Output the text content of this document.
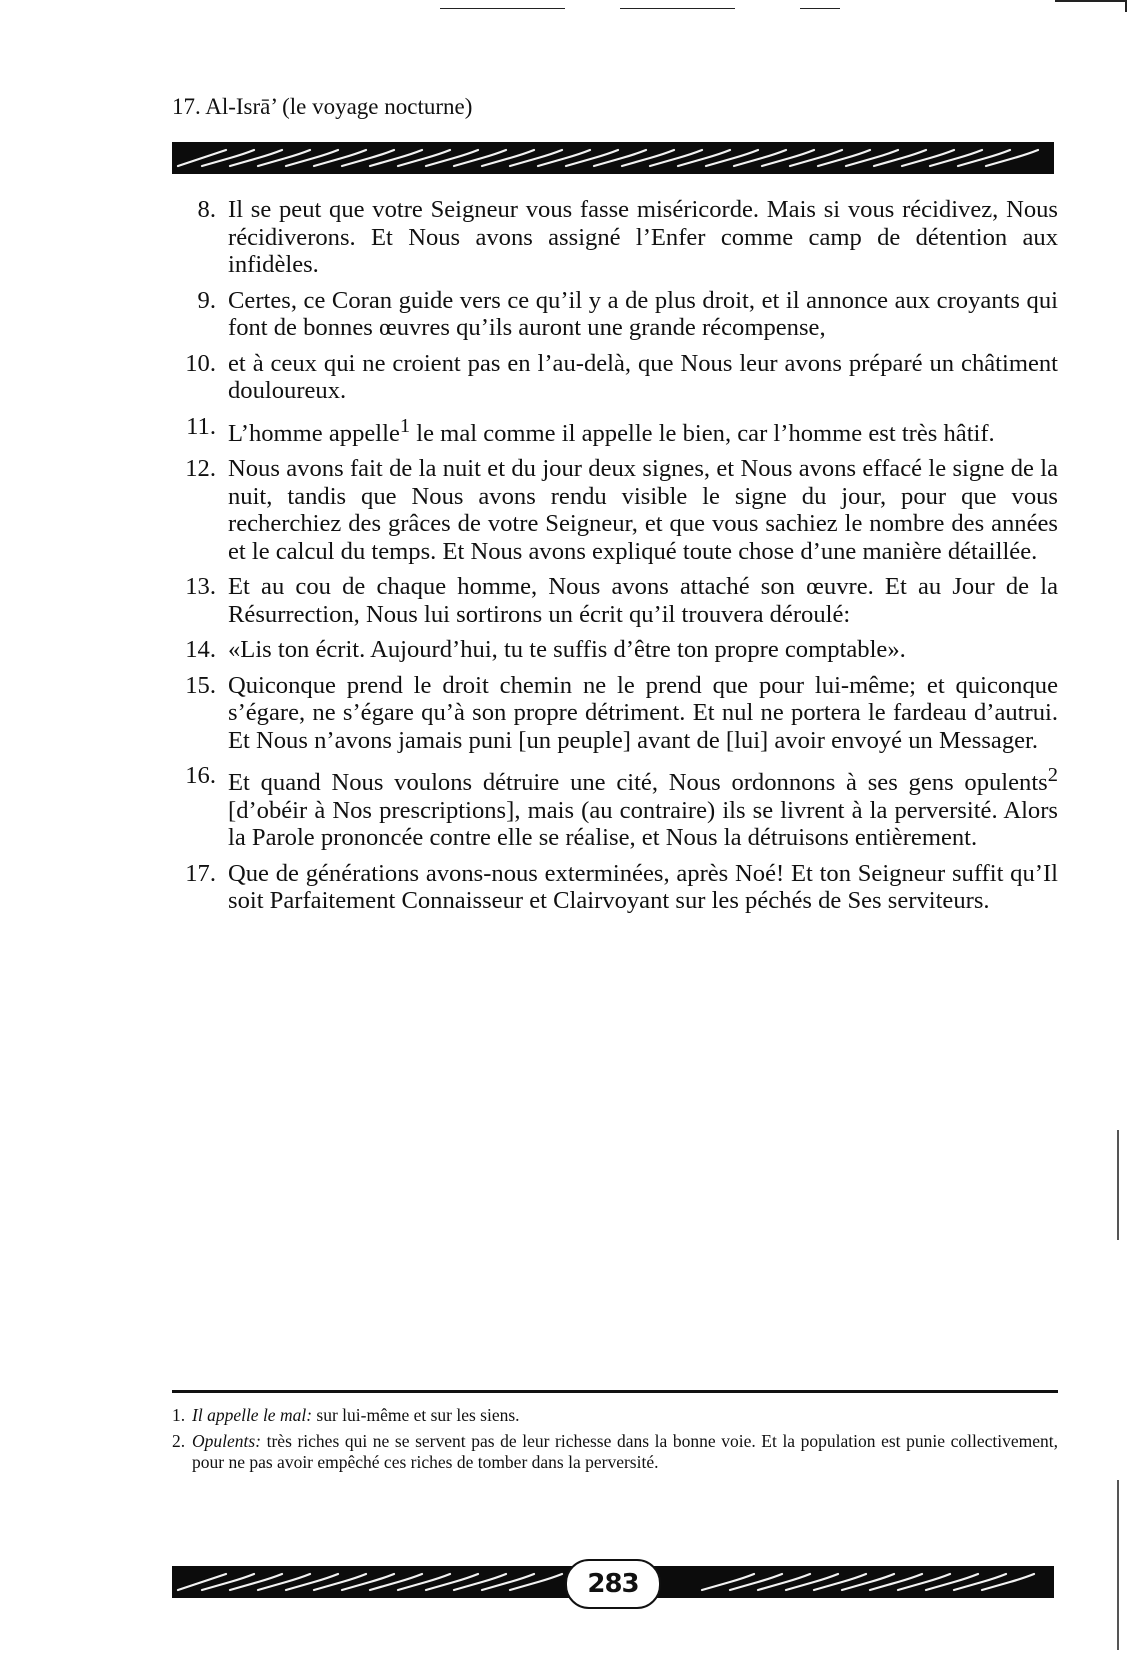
17. Al-Isrā’ (le voyage nocturne)
8. Il se peut que votre Seigneur vous fasse miséricorde. Mais si vous récidivez, Nous récidiverons. Et Nous avons assigné l’Enfer comme camp de détention aux infidèles.
9. Certes, ce Coran guide vers ce qu’il y a de plus droit, et il annonce aux croyants qui font de bonnes œuvres qu’ils auront une grande récompense,
10. et à ceux qui ne croient pas en l’au-delà, que Nous leur avons préparé un châtiment douloureux.
11. L’homme appelle$^1$ le mal comme il appelle le bien, car l’homme est très hâtif.
12. Nous avons fait de la nuit et du jour deux signes, et Nous avons effacé le signe de la nuit, tandis que Nous avons rendu visible le signe du jour, pour que vous recherchiez des grâces de votre Seigneur, et que vous sachiez le nombre des années et le calcul du temps. Et Nous avons expliqué toute chose d’une manière détaillée.
13. Et au cou de chaque homme, Nous avons attaché son œuvre. Et au Jour de la Résurrection, Nous lui sortirons un écrit qu’il trouvera déroulé:
14. «Lis ton écrit. Aujourd’hui, tu te suffis d’être ton propre comptable».
15. Quiconque prend le droit chemin ne le prend que pour lui-même; et quiconque s’égare, ne s’égare qu’à son propre détriment. Et nul ne portera le fardeau d’autrui. Et Nous n’avons jamais puni [un peuple] avant de [lui] avoir envoyé un Messager.
16. Et quand Nous voulons détruire une cité, Nous ordonnons à ses gens opulents$^2$ [d’obéir à Nos prescriptions], mais (au contraire) ils se livrent à la perversité. Alors la Parole prononcée contre elle se réalise, et Nous la détruisons entièrement.
17. Que de générations avons-nous exterminées, après Noé! Et ton Seigneur suffit qu’Il soit Parfaitement Connaisseur et Clairvoyant sur les péchés de Ses serviteurs.
1. Il appelle le mal: sur lui-même et sur les siens.
2. Opulents: très riches qui ne se servent pas de leur richesse dans la bonne voie. Et la population est punie collectivement, pour ne pas avoir empêché ces riches de tomber dans la perversité.
283
